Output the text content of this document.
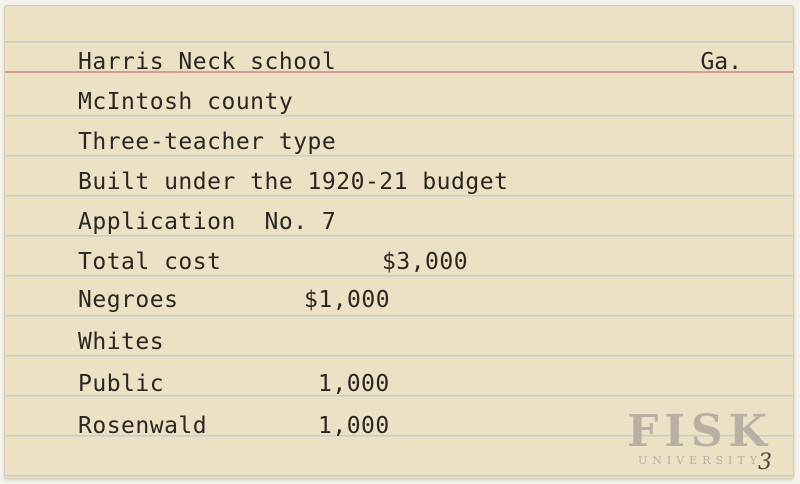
Harris Neck school	Ga.
McIntosh county
Three-teacher type
Built under the 1920-21 budget
Application  No. 7
Total cost	$3,000
Negroes	$1,000
Whites
Public	1,000
Rosenwald	1,000	FISK
UNIVERSITY
3
